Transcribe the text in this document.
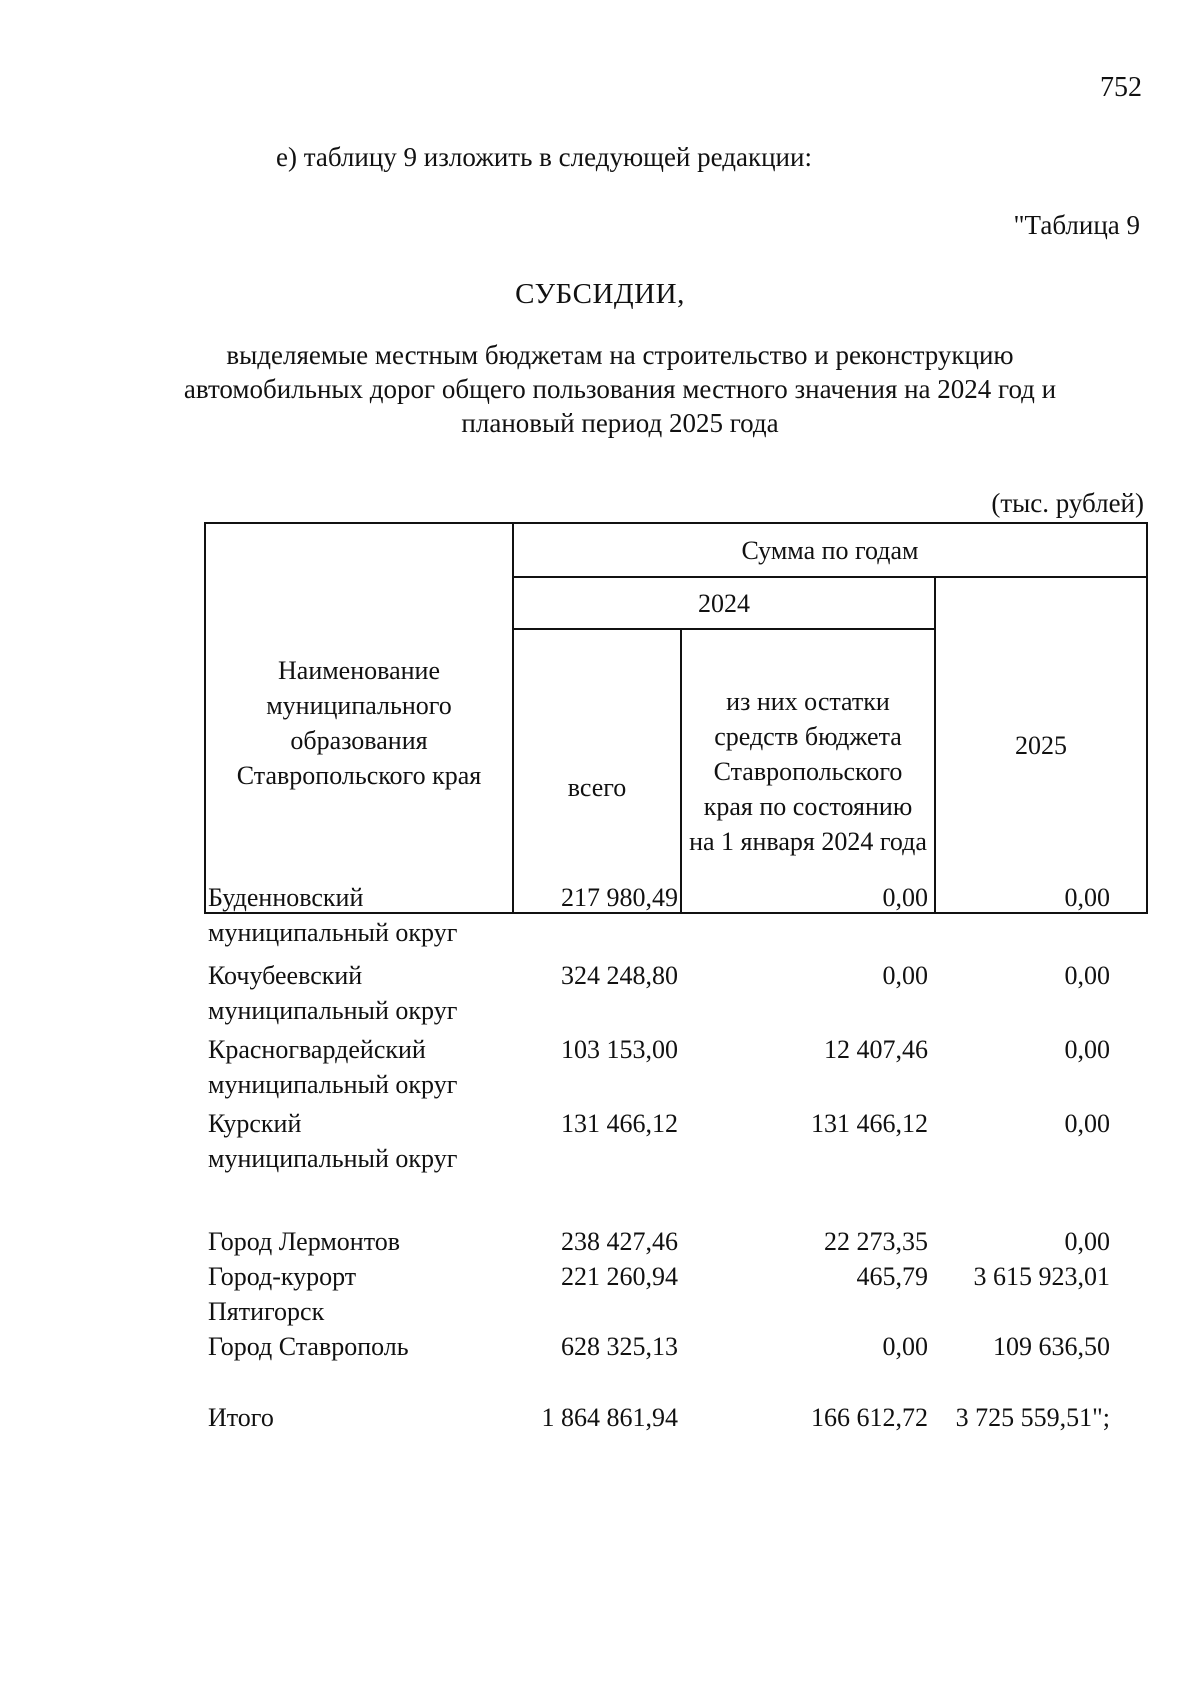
752
е) таблицу 9 изложить в следующей редакции:
"Таблица 9
СУБСИДИИ,
выделяемые местным бюджетам на строительство и реконструкцию автомобильных дорог общего пользования местного значения на 2024 год и плановый период 2025 года
(тыс. рублей)
Наименование муниципального образования Ставропольского края	Сумма по годам		
	2024		2025
	всего	из них остатки средств бюджета Ставропольского края по состоянию на 1 января 2024 года	
Буденновский
муниципальный округ
217 980,49	0,00	0,00
Кочубеевский
муниципальный округ
324 248,80	0,00	0,00
Красногвардейский
муниципальный округ
103 153,00	12 407,46	0,00
Курский
муниципальный округ
131 466,12	131 466,12	0,00
Город Лермонтов	238 427,46	22 273,35	0,00
Город-курорт
Пятигорск
221 260,94	465,79	3 615 923,01
Город Ставрополь	628 325,13	0,00	109 636,50
Итого	1 864 861,94	166 612,72	3 725 559,51";
